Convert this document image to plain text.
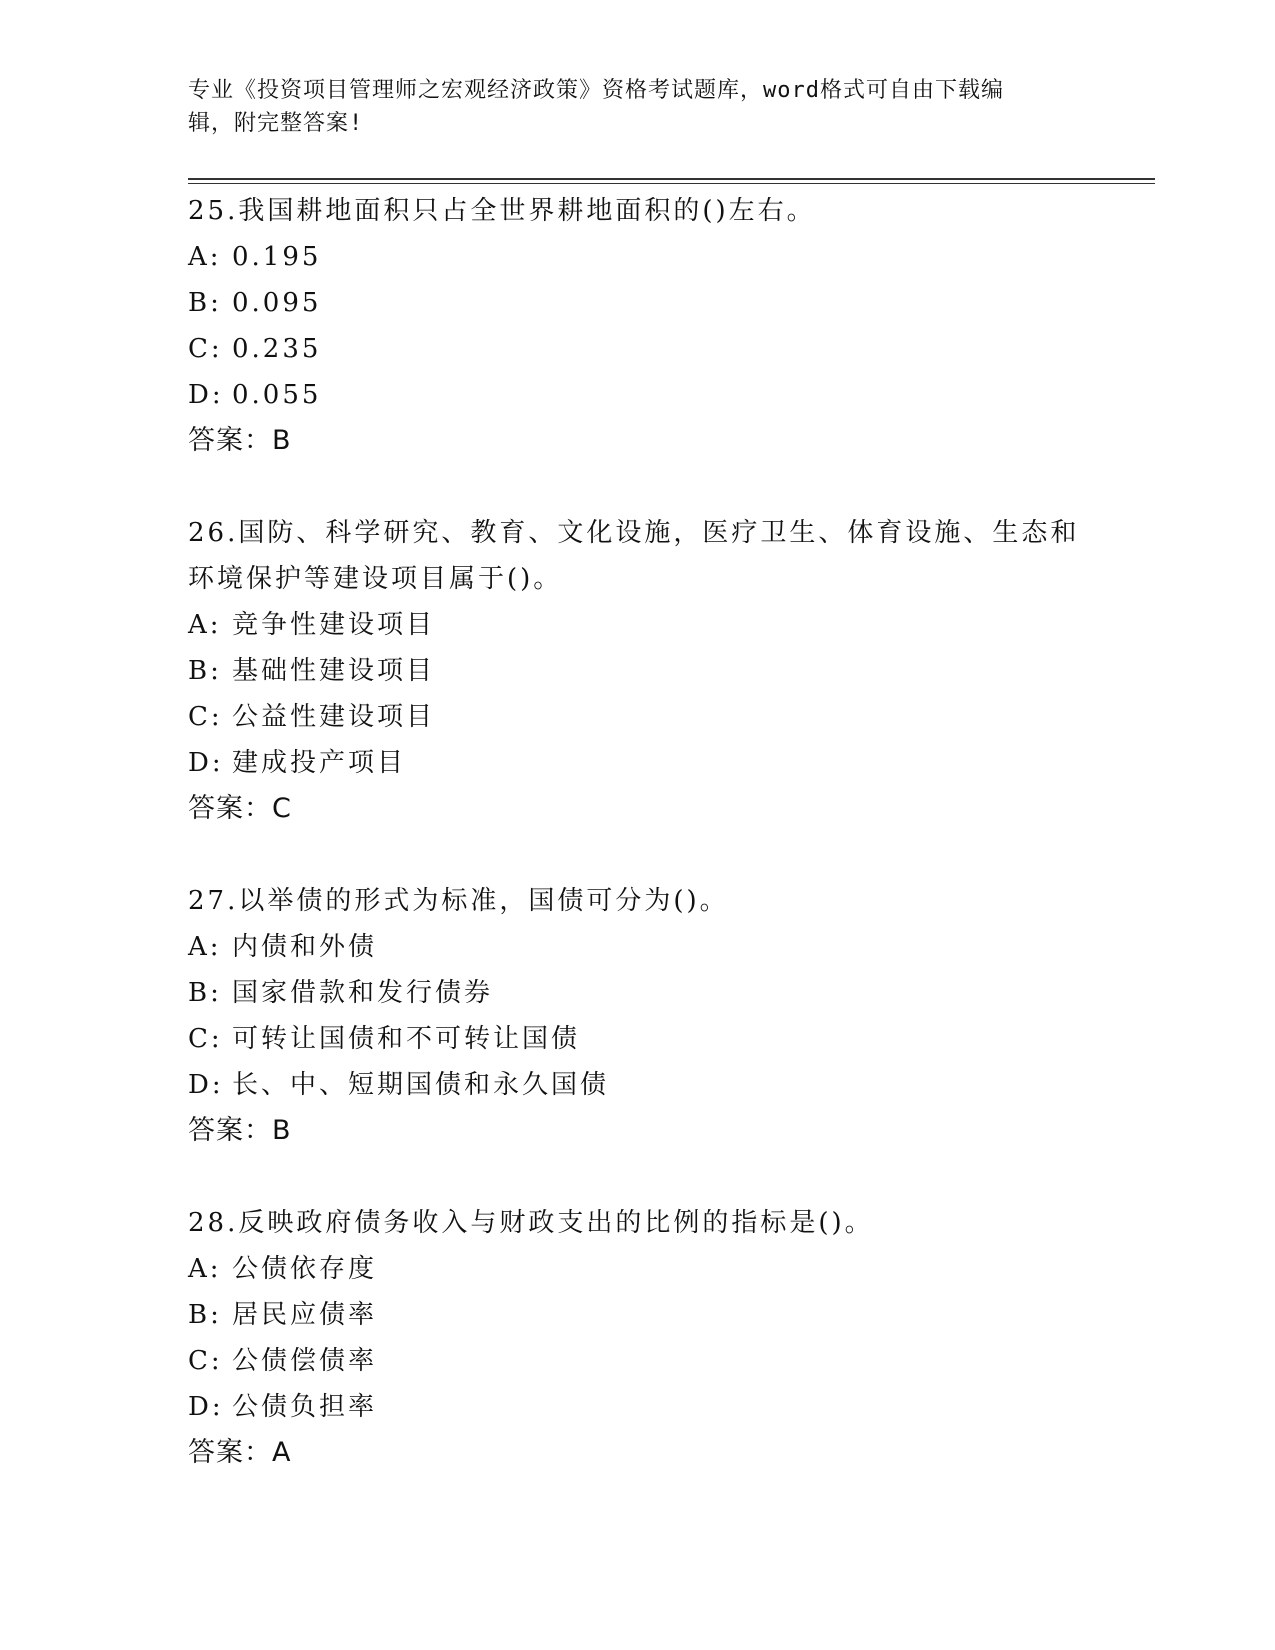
专业《投资项目管理师之宏观经济政策》资格考试题库，word格式可自由下载编
辑，附完整答案!
25.我国耕地面积只占全世界耕地面积的()左右。
A: 0.195
B: 0.095
C: 0.235
D: 0.055
答案：B
26.国防、科学研究、教育、文化设施，医疗卫生、体育设施、生态和
环境保护等建设项目属于()。
A: 竞争性建设项目
B: 基础性建设项目
C: 公益性建设项目
D: 建成投产项目
答案：C
27.以举债的形式为标准，国债可分为()。
A: 内债和外债
B: 国家借款和发行债券
C: 可转让国债和不可转让国债
D: 长、中、短期国债和永久国债
答案：B
28.反映政府债务收入与财政支出的比例的指标是()。
A: 公债依存度
B: 居民应债率
C: 公债偿债率
D: 公债负担率
答案：A
